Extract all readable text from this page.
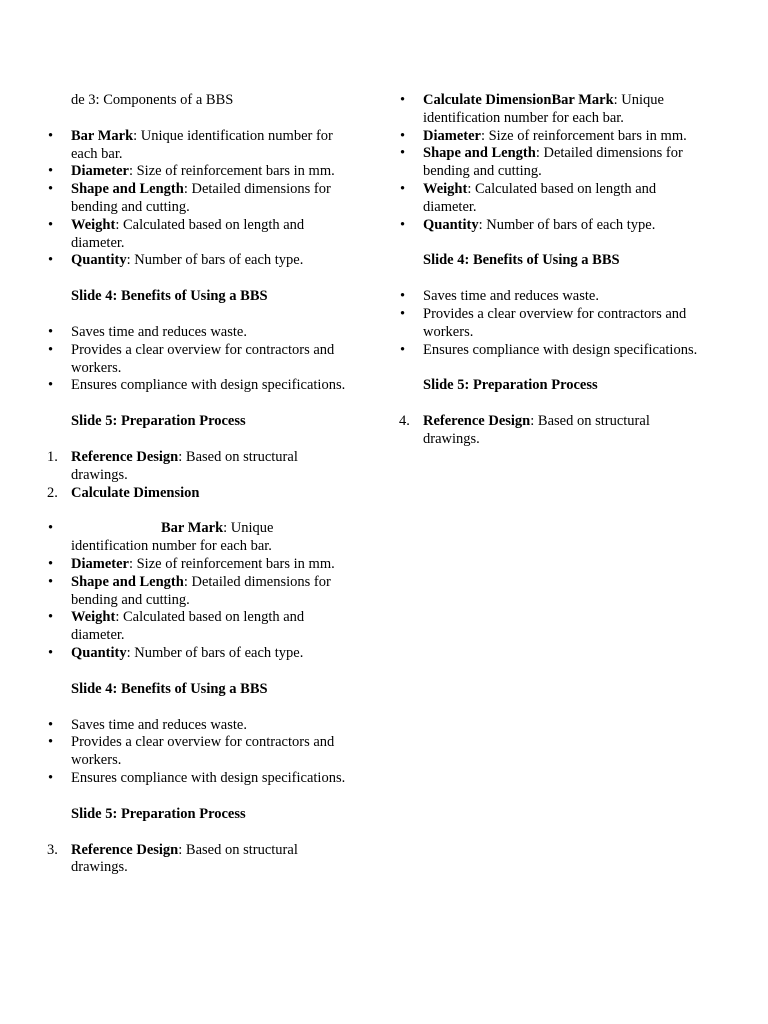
de 3: Components of a BBS
•	Bar Mark: Unique identification number for each bar.
•	Diameter: Size of reinforcement bars in mm.
•	Shape and Length: Detailed dimensions for bending and cutting.
•	Weight: Calculated based on length and diameter.
•	Quantity: Number of bars of each type.
Slide 4: Benefits of Using a BBS
•	Saves time and reduces waste.
•	Provides a clear overview for contractors and workers.
•	Ensures compliance with design specifications.
Slide 5: Preparation Process
1. Reference Design: Based on structural drawings.
2. Calculate Dimension
•	Bar Mark: Unique identification number for each bar.
•	Diameter: Size of reinforcement bars in mm.
•	Shape and Length: Detailed dimensions for bending and cutting.
•	Weight: Calculated based on length and diameter.
•	Quantity: Number of bars of each type.
Slide 4: Benefits of Using a BBS
•	Saves time and reduces waste.
•	Provides a clear overview for contractors and workers.
•	Ensures compliance with design specifications.
Slide 5: Preparation Process
3. Reference Design: Based on structural drawings.
•	Calculate DimensionBar Mark: Unique identification number for each bar.
•	Diameter: Size of reinforcement bars in mm.
•	Shape and Length: Detailed dimensions for bending and cutting.
•	Weight: Calculated based on length and diameter.
•	Quantity: Number of bars of each type.
Slide 4: Benefits of Using a BBS
•	Saves time and reduces waste.
•	Provides a clear overview for contractors and workers.
•	Ensures compliance with design specifications.
Slide 5: Preparation Process
4. Reference Design: Based on structural drawings.
